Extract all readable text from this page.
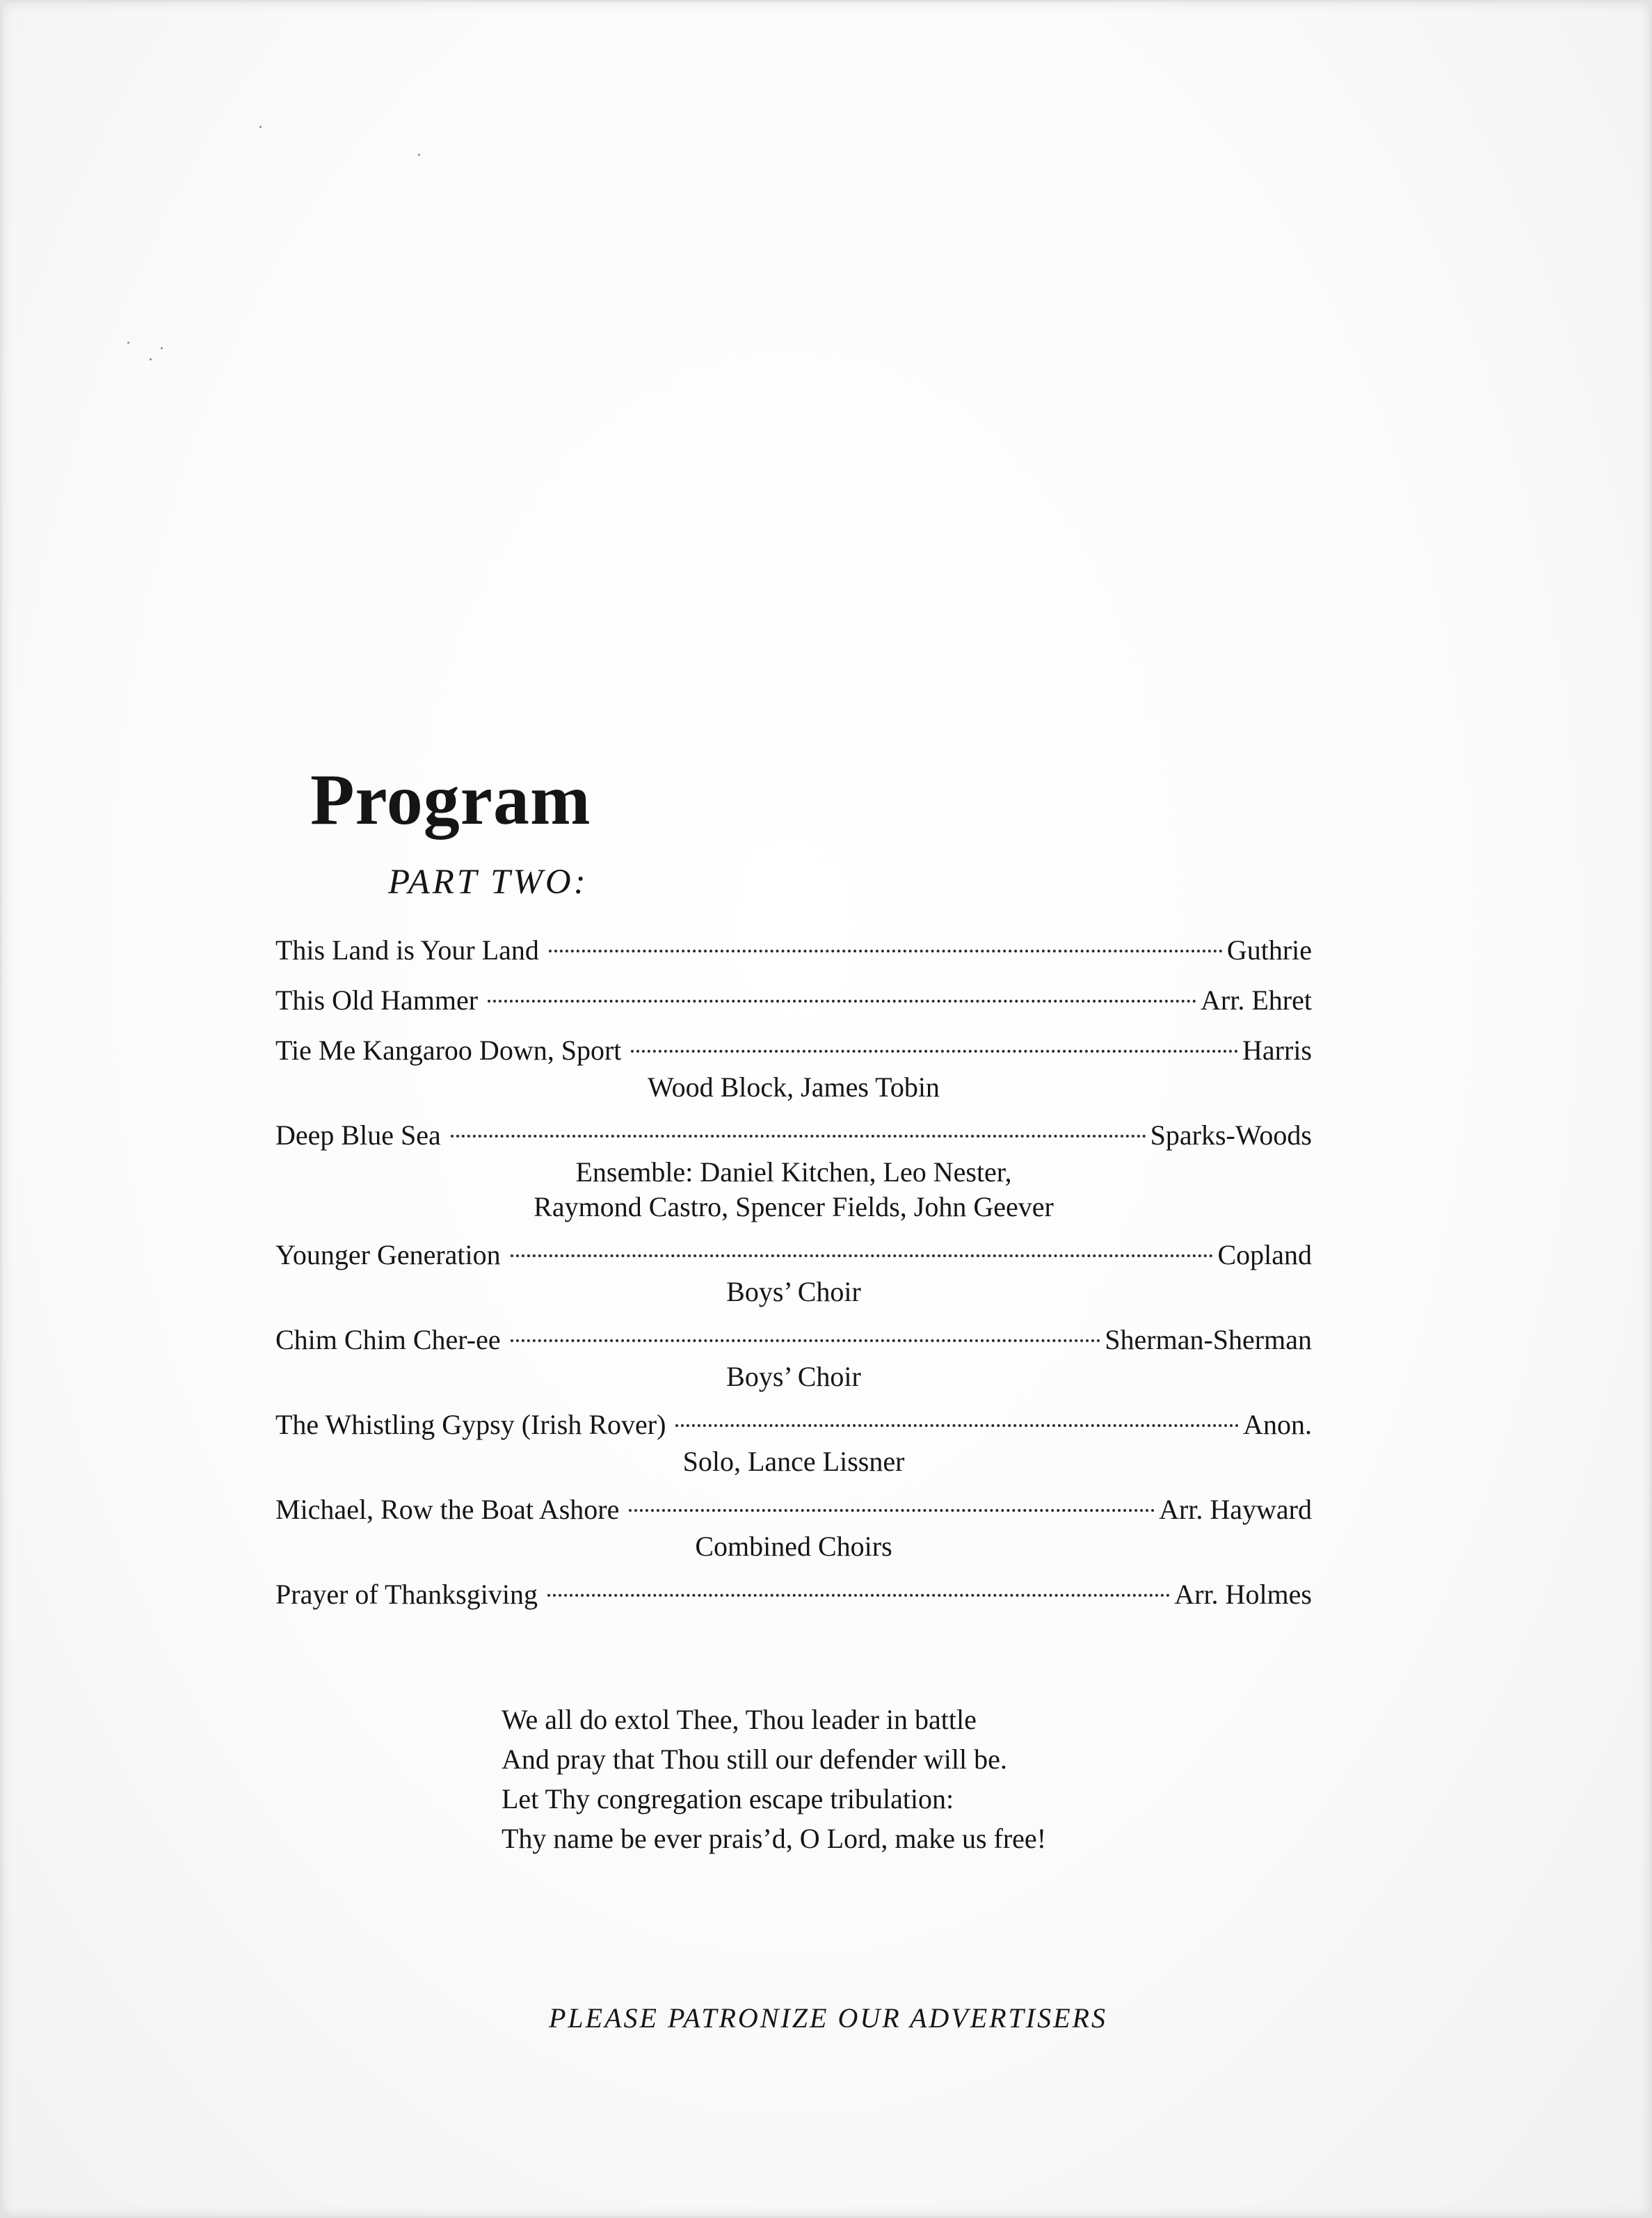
Program
PART TWO:
This Land is Your Land	Guthrie
This Old Hammer	Arr. Ehret
Tie Me Kangaroo Down, Sport	Harris
Wood Block, James Tobin
Deep Blue Sea	Sparks-Woods
Ensemble: Daniel Kitchen, Leo Nester,
Raymond Castro, Spencer Fields, John Geever
Younger Generation	Copland
Boys’ Choir
Chim Chim Cher-ee	Sherman-Sherman
Boys’ Choir
The Whistling Gypsy (Irish Rover)	Anon.
Solo, Lance Lissner
Michael, Row the Boat Ashore	Arr. Hayward
Combined Choirs
Prayer of Thanksgiving	Arr. Holmes
We all do extol Thee, Thou leader in battle
And pray that Thou still our defender will be.
Let Thy congregation escape tribulation:
Thy name be ever prais’d, O Lord, make us free!
PLEASE PATRONIZE OUR ADVERTISERS
